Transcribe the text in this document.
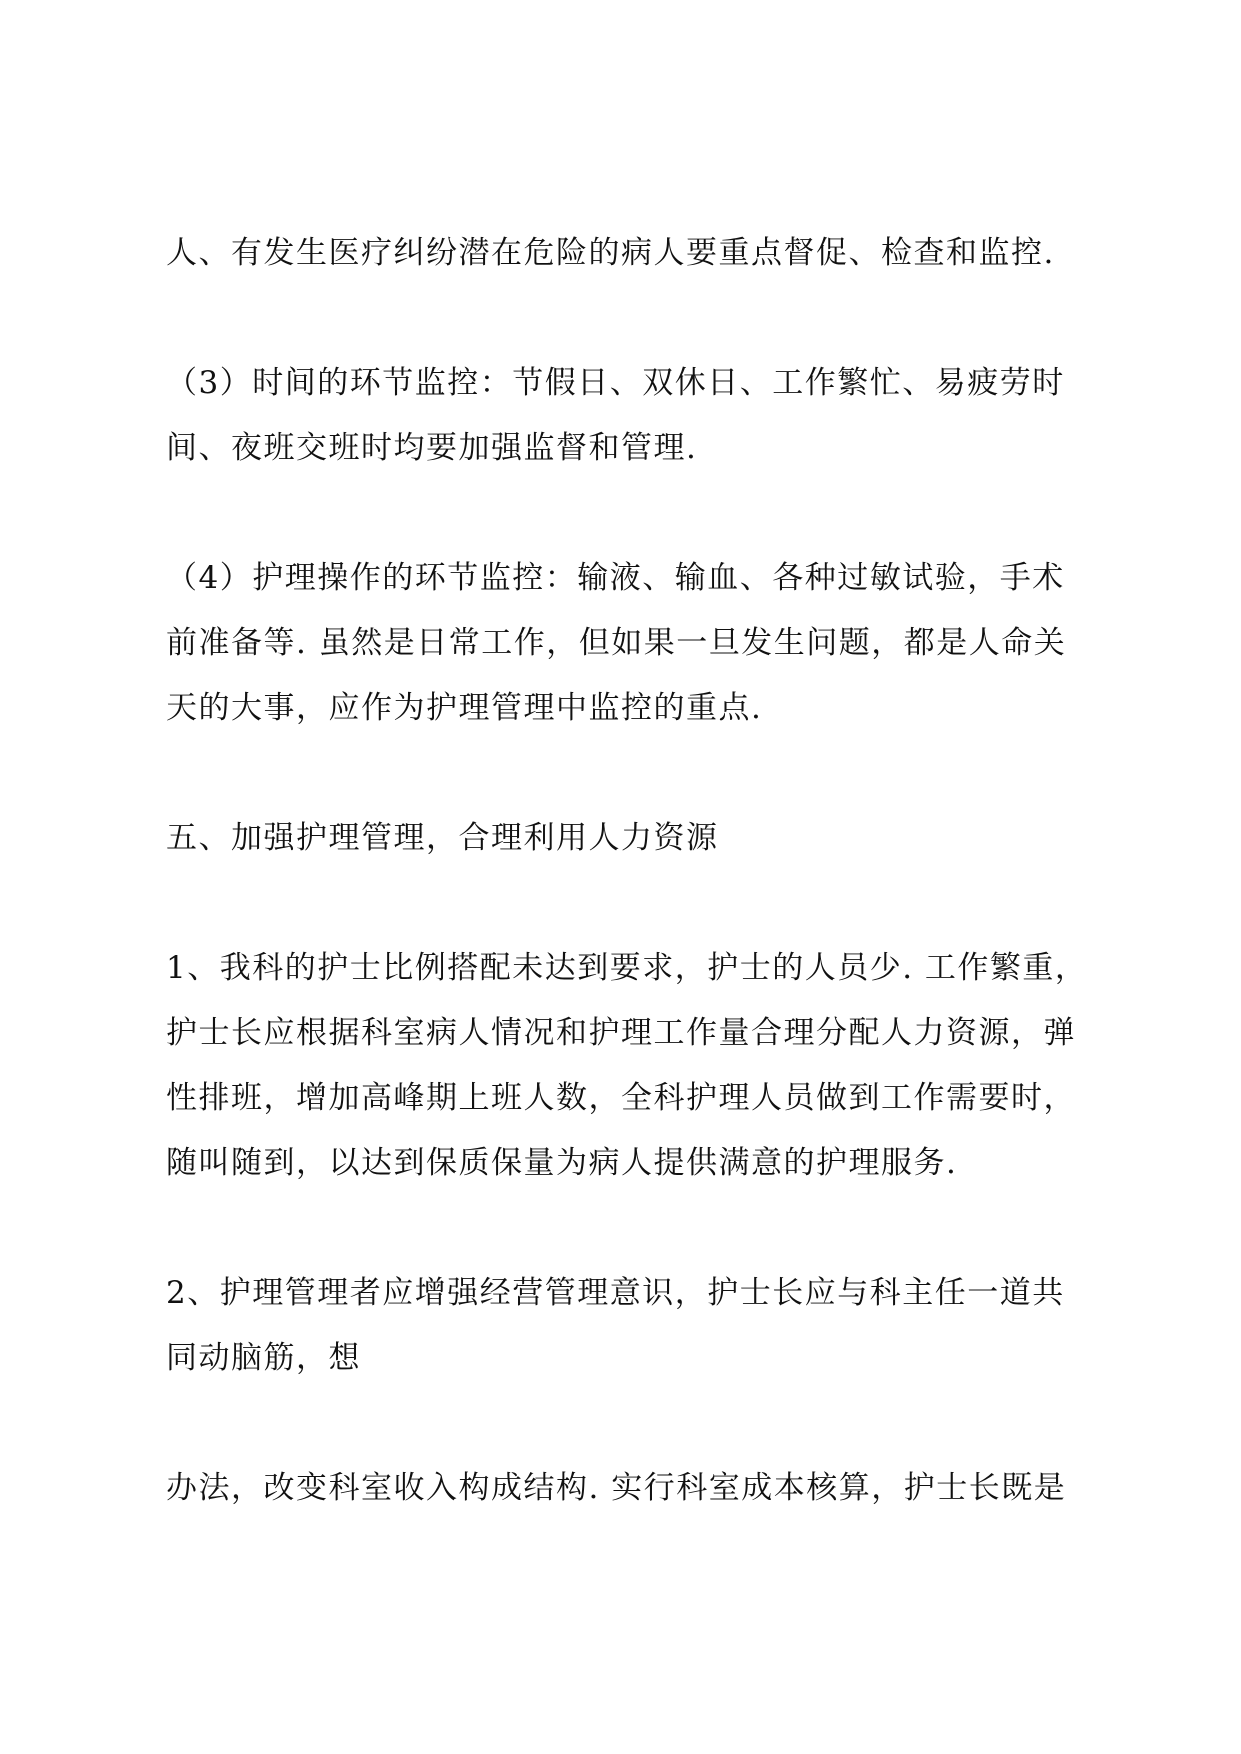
人、有发生医疗纠纷潜在危险的病人要重点督促、检查和监控.
（3）时间的环节监控：节假日、双休日、工作繁忙、易疲劳时
间、夜班交班时均要加强监督和管理.
（4）护理操作的环节监控：输液、输血、各种过敏试验，手术
前准备等. 虽然是日常工作，但如果一旦发生问题，都是人命关
天的大事，应作为护理管理中监控的重点.
五、加强护理管理，合理利用人力资源
1、我科的护士比例搭配未达到要求，护士的人员少. 工作繁重，
护士长应根据科室病人情况和护理工作量合理分配人力资源，弹
性排班，增加高峰期上班人数，全科护理人员做到工作需要时，
随叫随到，以达到保质保量为病人提供满意的护理服务.
2、护理管理者应增强经营管理意识，护士长应与科主任一道共
同动脑筋，想
办法，改变科室收入构成结构. 实行科室成本核算，护士长既是
